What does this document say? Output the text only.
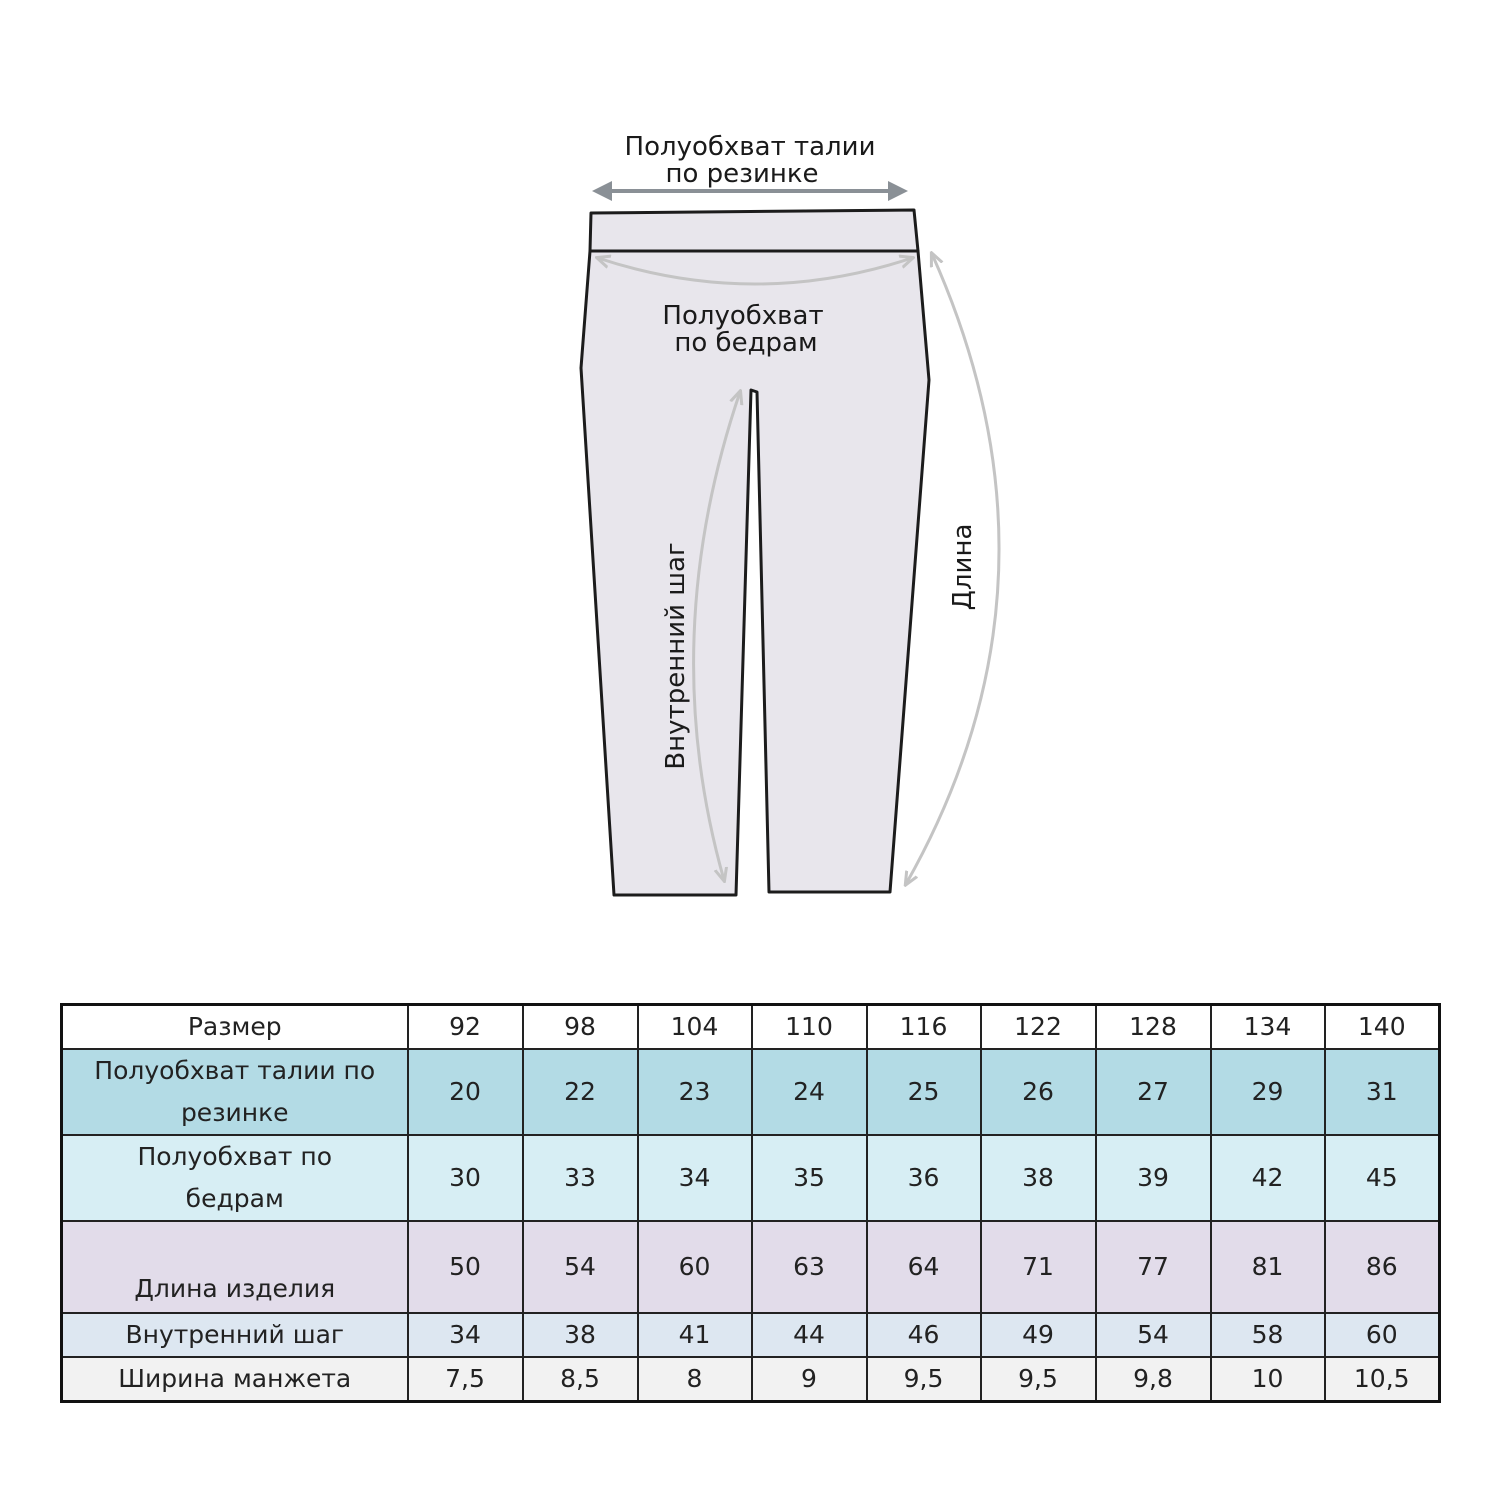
Полуобхват талии
по резинке
Полуобхват
по бедрам
Внутренний шаг	Длина
Размер	92	98	104	110	116	122	128	134	140
Полуобхват талии по
резинке	20	22	23	24	25	26	27	29	31
Полуобхват по
бедрам	30	33	34	35	36	38	39	42	45
Длина изделия	50	54	60	63	64	71	77	81	86
Внутренний шаг	34	38	41	44	46	49	54	58	60
Ширина манжета	7,5	8,5	8	9	9,5	9,5	9,8	10	10,5
